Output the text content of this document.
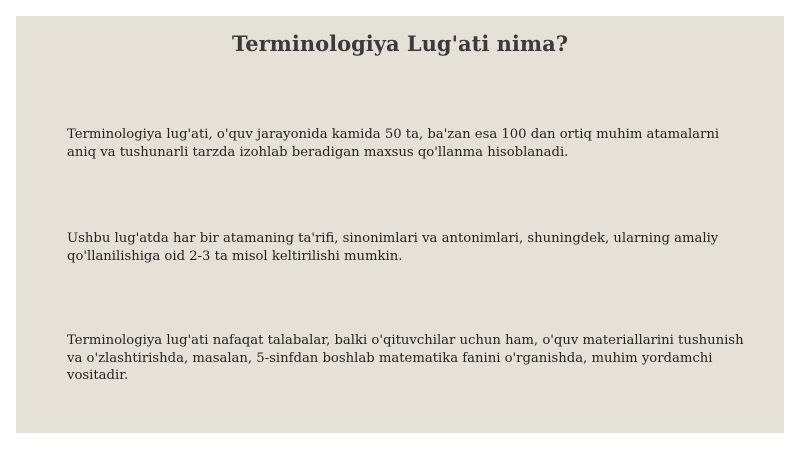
Terminologiya Lug'ati nima?

Terminologiya lug'ati, o'quv jarayonida kamida 50 ta, ba'zan esa 100 dan ortiq muhim atamalarni aniq va tushunarli tarzda izohlab beradigan maxsus qo'llanma hisoblanadi.

Ushbu lug'atda har bir atamaning ta'rifi, sinonimlari va antonimlari, shuningdek, ularning amaliy qo'llanilishiga oid 2-3 ta misol keltirilishi mumkin.

Terminologiya lug'ati nafaqat talabalar, balki o'qituvchilar uchun ham, o'quv materiallarini tushunish va o'zlashtirishda, masalan, 5-sinfdan boshlab matematika fanini o'rganishda, muhim yordamchi vositadir.
